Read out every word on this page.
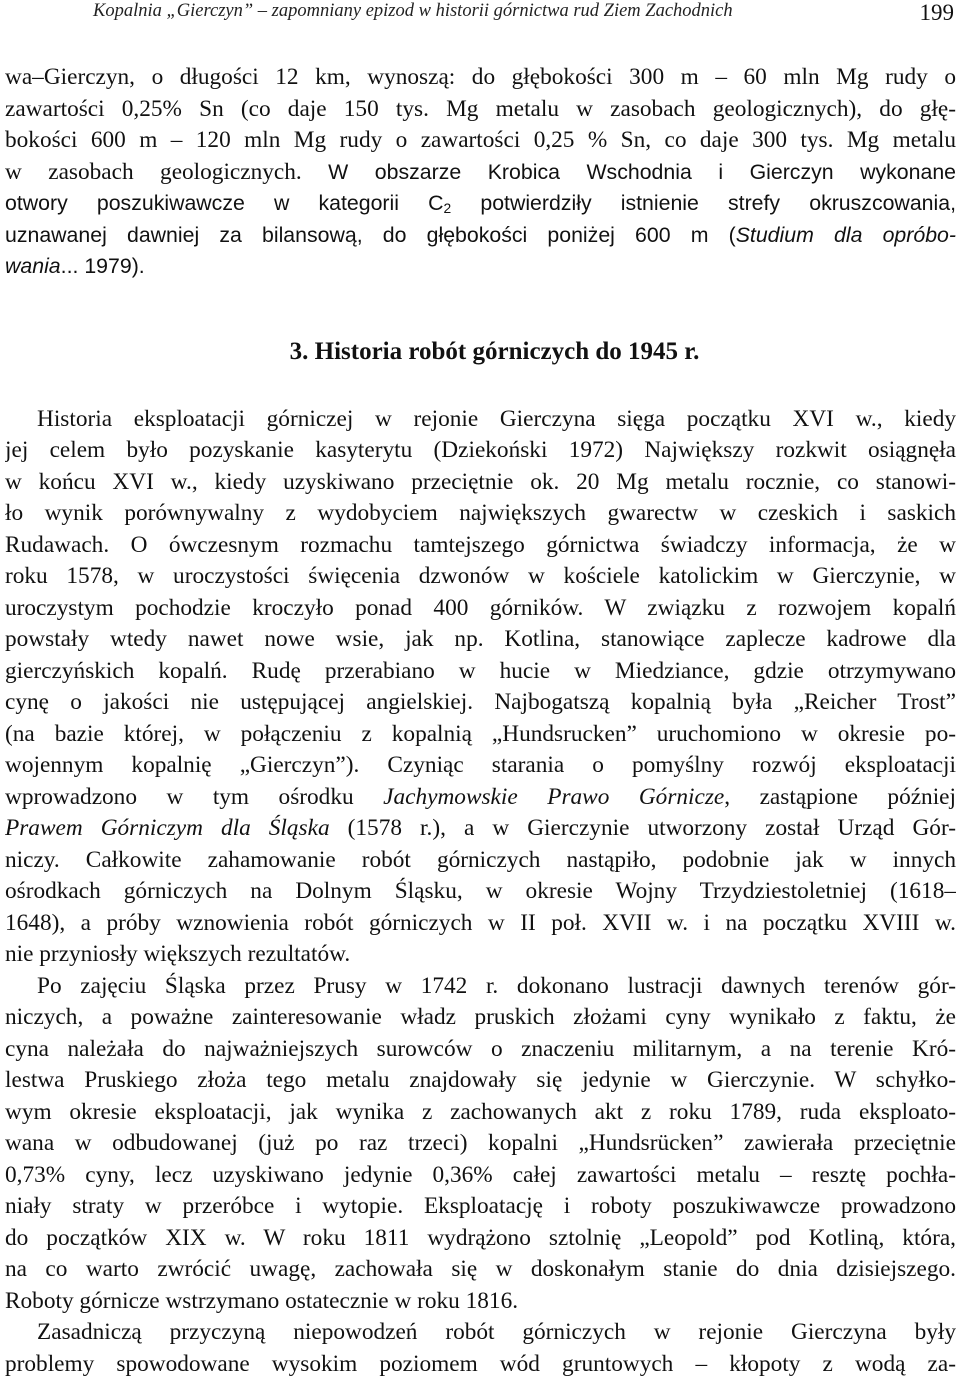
Kopalnia „Gierczyn” – zapomniany epizod w historii górnictwa rud Ziem Zachodnich	199
wa–Gierczyn, o długości 12 km, wynoszą: do głębokości 300 m – 60 mln Mg rudy o
zawartości 0,25% Sn (co daje 150 tys. Mg metalu w zasobach geologicznych), do głę-
bokości 600 m – 120 mln Mg rudy o zawartości 0,25 % Sn, co daje 300 tys. Mg metalu
w zasobach geologicznych. W obszarze Krobica Wschodnia i Gierczyn wykonane
otwory poszukiwawcze w kategorii $C_2$ potwierdziły istnienie strefy okruszcowania,
uznawanej dawniej za bilansową, do głębokości poniżej 600 m (Studium dla opróbo-
wania... 1979).
3. Historia robót górniczych do 1945 r.
Historia eksploatacji górniczej w rejonie Gierczyna sięga początku XVI w., kiedy
jej celem było pozyskanie kasyterytu (Dziekoński 1972) Największy rozkwit osiągnęła
w końcu XVI w., kiedy uzyskiwano przeciętnie ok. 20 Mg metalu rocznie, co stanowi-
ło wynik porównywalny z wydobyciem największych gwarectw w czeskich i saskich
Rudawach. O ówczesnym rozmachu tamtejszego górnictwa świadczy informacja, że w
roku 1578, w uroczystości święcenia dzwonów w kościele katolickim w Gierczynie, w
uroczystym pochodzie kroczyło ponad 400 górników. W związku z rozwojem kopalń
powstały wtedy nawet nowe wsie, jak np. Kotlina, stanowiące zaplecze kadrowe dla
gierczyńskich kopalń. Rudę przerabiano w hucie w Miedziance, gdzie otrzymywano
cynę o jakości nie ustępującej angielskiej. Najbogatszą kopalnią była „Reicher Trost”
(na bazie której, w połączeniu z kopalnią „Hundsrucken” uruchomiono w okresie po-
wojennym kopalnię „Gierczyn”). Czyniąc starania o pomyślny rozwój eksploatacji
wprowadzono w tym ośrodku Jachymowskie Prawo Górnicze, zastąpione później
Prawem Górniczym dla Śląska (1578 r.), a w Gierczynie utworzony został Urząd Gór-
niczy. Całkowite zahamowanie robót górniczych nastąpiło, podobnie jak w innych
ośrodkach górniczych na Dolnym Śląsku, w okresie Wojny Trzydziestoletniej (1618–
1648), a próby wznowienia robót górniczych w II poł. XVII w. i na początku XVIII w.
nie przyniosły większych rezultatów.
Po zajęciu Śląska przez Prusy w 1742 r. dokonano lustracji dawnych terenów gór-
niczych, a poważne zainteresowanie władz pruskich złożami cyny wynikało z faktu, że
cyna należała do najważniejszych surowców o znaczeniu militarnym, a na terenie Kró-
lestwa Pruskiego złoża tego metalu znajdowały się jedynie w Gierczynie. W schyłko-
wym okresie eksploatacji, jak wynika z zachowanych akt z roku 1789, ruda eksploato-
wana w odbudowanej (już po raz trzeci) kopalni „Hundsrücken” zawierała przeciętnie
0,73% cyny, lecz uzyskiwano jedynie 0,36% całej zawartości metalu – resztę pochła-
niały straty w przeróbce i wytopie. Eksploatację i roboty poszukiwawcze prowadzono
do początków XIX w. W roku 1811 wydrążono sztolnię „Leopold” pod Kotliną, która,
na co warto zwrócić uwagę, zachowała się w doskonałym stanie do dnia dzisiejszego.
Roboty górnicze wstrzymano ostatecznie w roku 1816.
Zasadniczą przyczyną niepowodzeń robót górniczych w rejonie Gierczyna były
problemy spowodowane wysokim poziomem wód gruntowych – kłopoty z wodą za-
